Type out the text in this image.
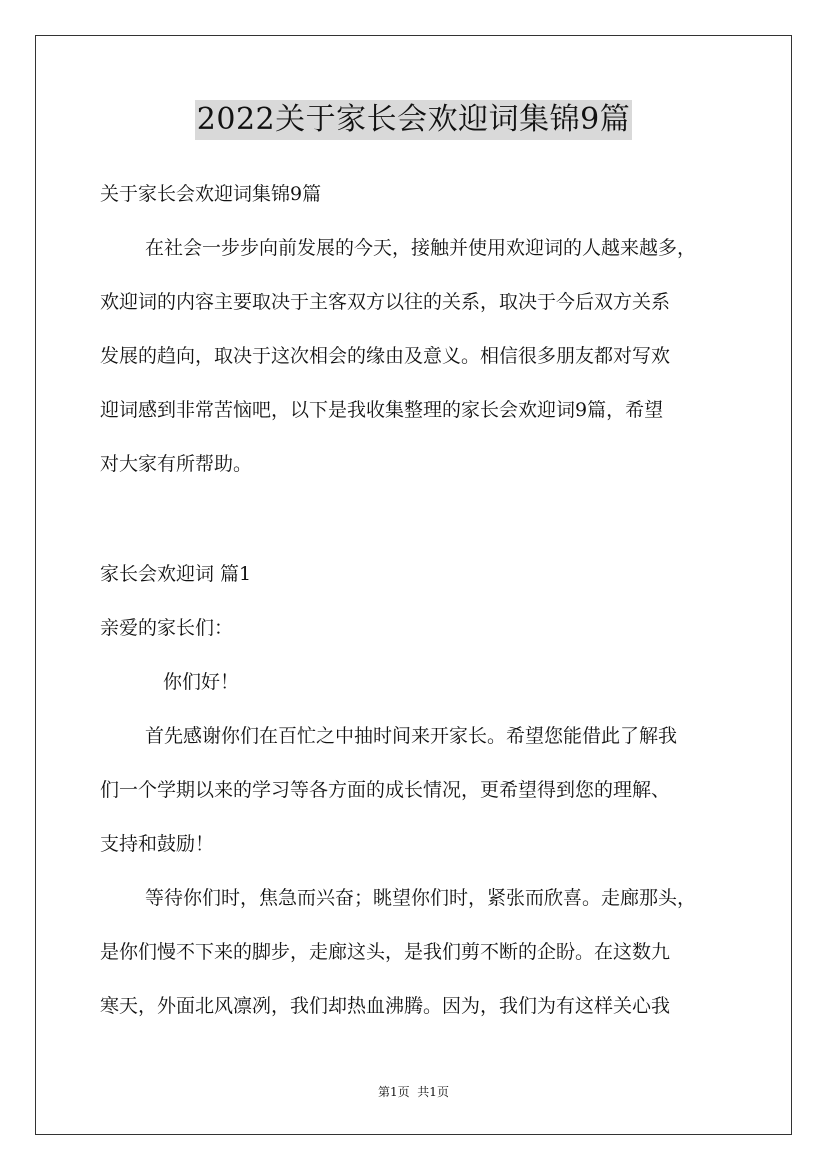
2022关于家长会欢迎词集锦9篇
关于家长会欢迎词集锦9篇
在社会一步步向前发展的今天，接触并使用欢迎词的人越来越多，
欢迎词的内容主要取决于主客双方以往的关系，取决于今后双方关系
发展的趋向，取决于这次相会的缘由及意义。相信很多朋友都对写欢
迎词感到非常苦恼吧，以下是我收集整理的家长会欢迎词9篇，希望
对大家有所帮助。
家长会欢迎词 篇1
亲爱的家长们：
你们好！
首先感谢你们在百忙之中抽时间来开家长。希望您能借此了解我
们一个学期以来的学习等各方面的成长情况，更希望得到您的理解、
支持和鼓励！
等待你们时，焦急而兴奋；眺望你们时，紧张而欣喜。走廊那头，
是你们慢不下来的脚步，走廊这头，是我们剪不断的企盼。在这数九
寒天，外面北风凛冽，我们却热血沸腾。因为，我们为有这样关心我
第1页  共1页
